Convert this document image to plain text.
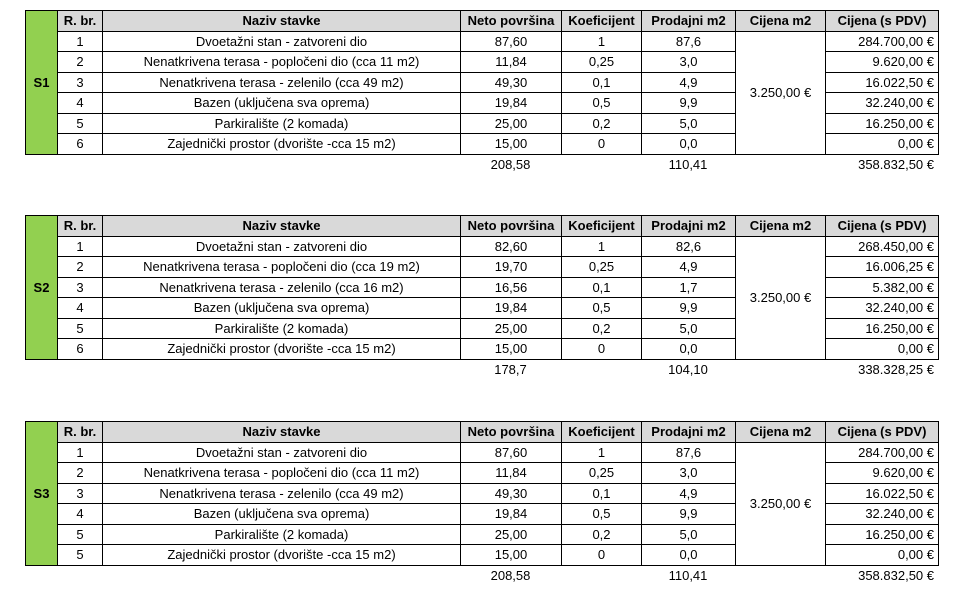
S1	R. br.	Naziv stavke	Neto površina	Koeficijent	Prodajni m2	Cijena m2	Cijena (s PDV)
	1	Dvoetažni stan - zatvoreni dio	87,60	1	87,6	3.250,00 €	284.700,00 €
	2	Nenatkrivena terasa - popločeni dio (cca 11 m2)	11,84	0,25	3,0		9.620,00 €
	3	Nenatkrivena terasa - zelenilo (cca 49 m2)	49,30	0,1	4,9		16.022,50 €
	4	Bazen (uključena sva oprema)	19,84	0,5	9,9		32.240,00 €
	5	Parkiralište (2 komada)	25,00	0,2	5,0		16.250,00 €
	6	Zajednički prostor (dvorište -cca 15 m2)	15,00	0	0,0		0,00 €
			208,58		110,41		358.832,50 €
S2	R. br.	Naziv stavke	Neto površina	Koeficijent	Prodajni m2	Cijena m2	Cijena (s PDV)
	1	Dvoetažni stan - zatvoreni dio	82,60	1	82,6	3.250,00 €	268.450,00 €
	2	Nenatkrivena terasa - popločeni dio (cca 19 m2)	19,70	0,25	4,9		16.006,25 €
	3	Nenatkrivena terasa - zelenilo (cca 16 m2)	16,56	0,1	1,7		5.382,00 €
	4	Bazen (uključena sva oprema)	19,84	0,5	9,9		32.240,00 €
	5	Parkiralište (2 komada)	25,00	0,2	5,0		16.250,00 €
	6	Zajednički prostor (dvorište -cca 15 m2)	15,00	0	0,0		0,00 €
			178,7		104,10		338.328,25 €
S3	R. br.	Naziv stavke	Neto površina	Koeficijent	Prodajni m2	Cijena m2	Cijena (s PDV)
	1	Dvoetažni stan - zatvoreni dio	87,60	1	87,6	3.250,00 €	284.700,00 €
	2	Nenatkrivena terasa - popločeni dio (cca 11 m2)	11,84	0,25	3,0		9.620,00 €
	3	Nenatkrivena terasa - zelenilo (cca 49 m2)	49,30	0,1	4,9		16.022,50 €
	4	Bazen (uključena sva oprema)	19,84	0,5	9,9		32.240,00 €
	5	Parkiralište (2 komada)	25,00	0,2	5,0		16.250,00 €
	5	Zajednički prostor (dvorište -cca 15 m2)	15,00	0	0,0		0,00 €
			208,58		110,41		358.832,50 €
